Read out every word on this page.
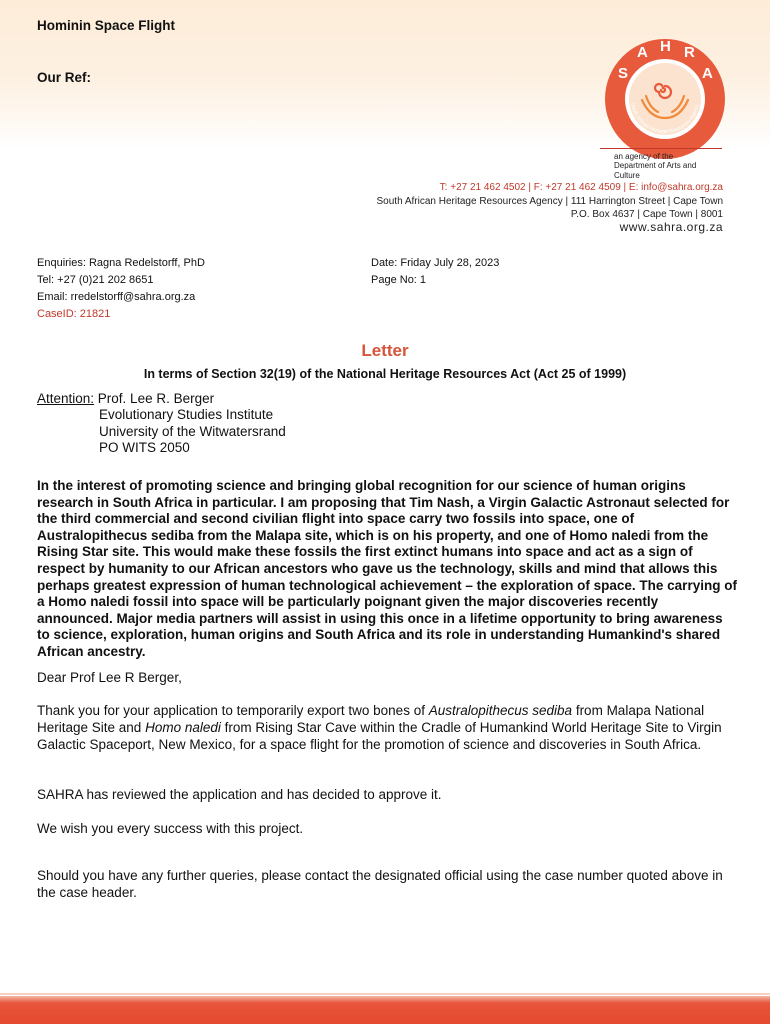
Hominin Space Flight
Our Ref:	S
A H R
A
South African Heritage Resources Agency
an agency of the
Department of Arts and Culture
T: +27 21 462 4502 | F: +27 21 462 4509 | E: info@sahra.org.za
South African Heritage Resources Agency | 111 Harrington Street | Cape Town
P.O. Box 4637 | Cape Town | 8001
www.sahra.org.za
Enquiries: Ragna Redelstorff, PhD
Tel: +27 (0)21 202 8651
Email: rredelstorff@sahra.org.za
CaseID: 21821
Date: Friday July 28, 2023
Page No: 1
Letter
In terms of Section 32(19) of the National Heritage Resources Act (Act 25 of 1999)
Attention: Prof. Lee R. Berger
Evolutionary Studies Institute
University of the Witwatersrand
PO WITS 2050
In the interest of promoting science and bringing global recognition for our science of human origins research in South Africa in particular. I am proposing that Tim Nash, a Virgin Galactic Astronaut selected for the third commercial and second civilian flight into space carry two fossils into space, one of Australopithecus sediba from the Malapa site, which is on his property, and one of Homo naledi from the Rising Star site. This would make these fossils the first extinct humans into space and act as a sign of respect by humanity to our African ancestors who gave us the technology, skills and mind that allows this perhaps greatest expression of human technological achievement – the exploration of space. The carrying of a Homo naledi fossil into space will be particularly poignant given the major discoveries recently announced. Major media partners will assist in using this once in a lifetime opportunity to bring awareness to science, exploration, human origins and South Africa and its role in understanding Humankind's shared African ancestry.
Dear Prof Lee R Berger,
Thank you for your application to temporarily export two bones of Australopithecus sediba from Malapa National Heritage Site and Homo naledi from Rising Star Cave within the Cradle of Humankind World Heritage Site to Virgin Galactic Spaceport, New Mexico, for a space flight for the promotion of science and discoveries in South Africa.
SAHRA has reviewed the application and has decided to approve it.
We wish you every success with this project.
Should you have any further queries, please contact the designated official using the case number quoted above in the case header.
